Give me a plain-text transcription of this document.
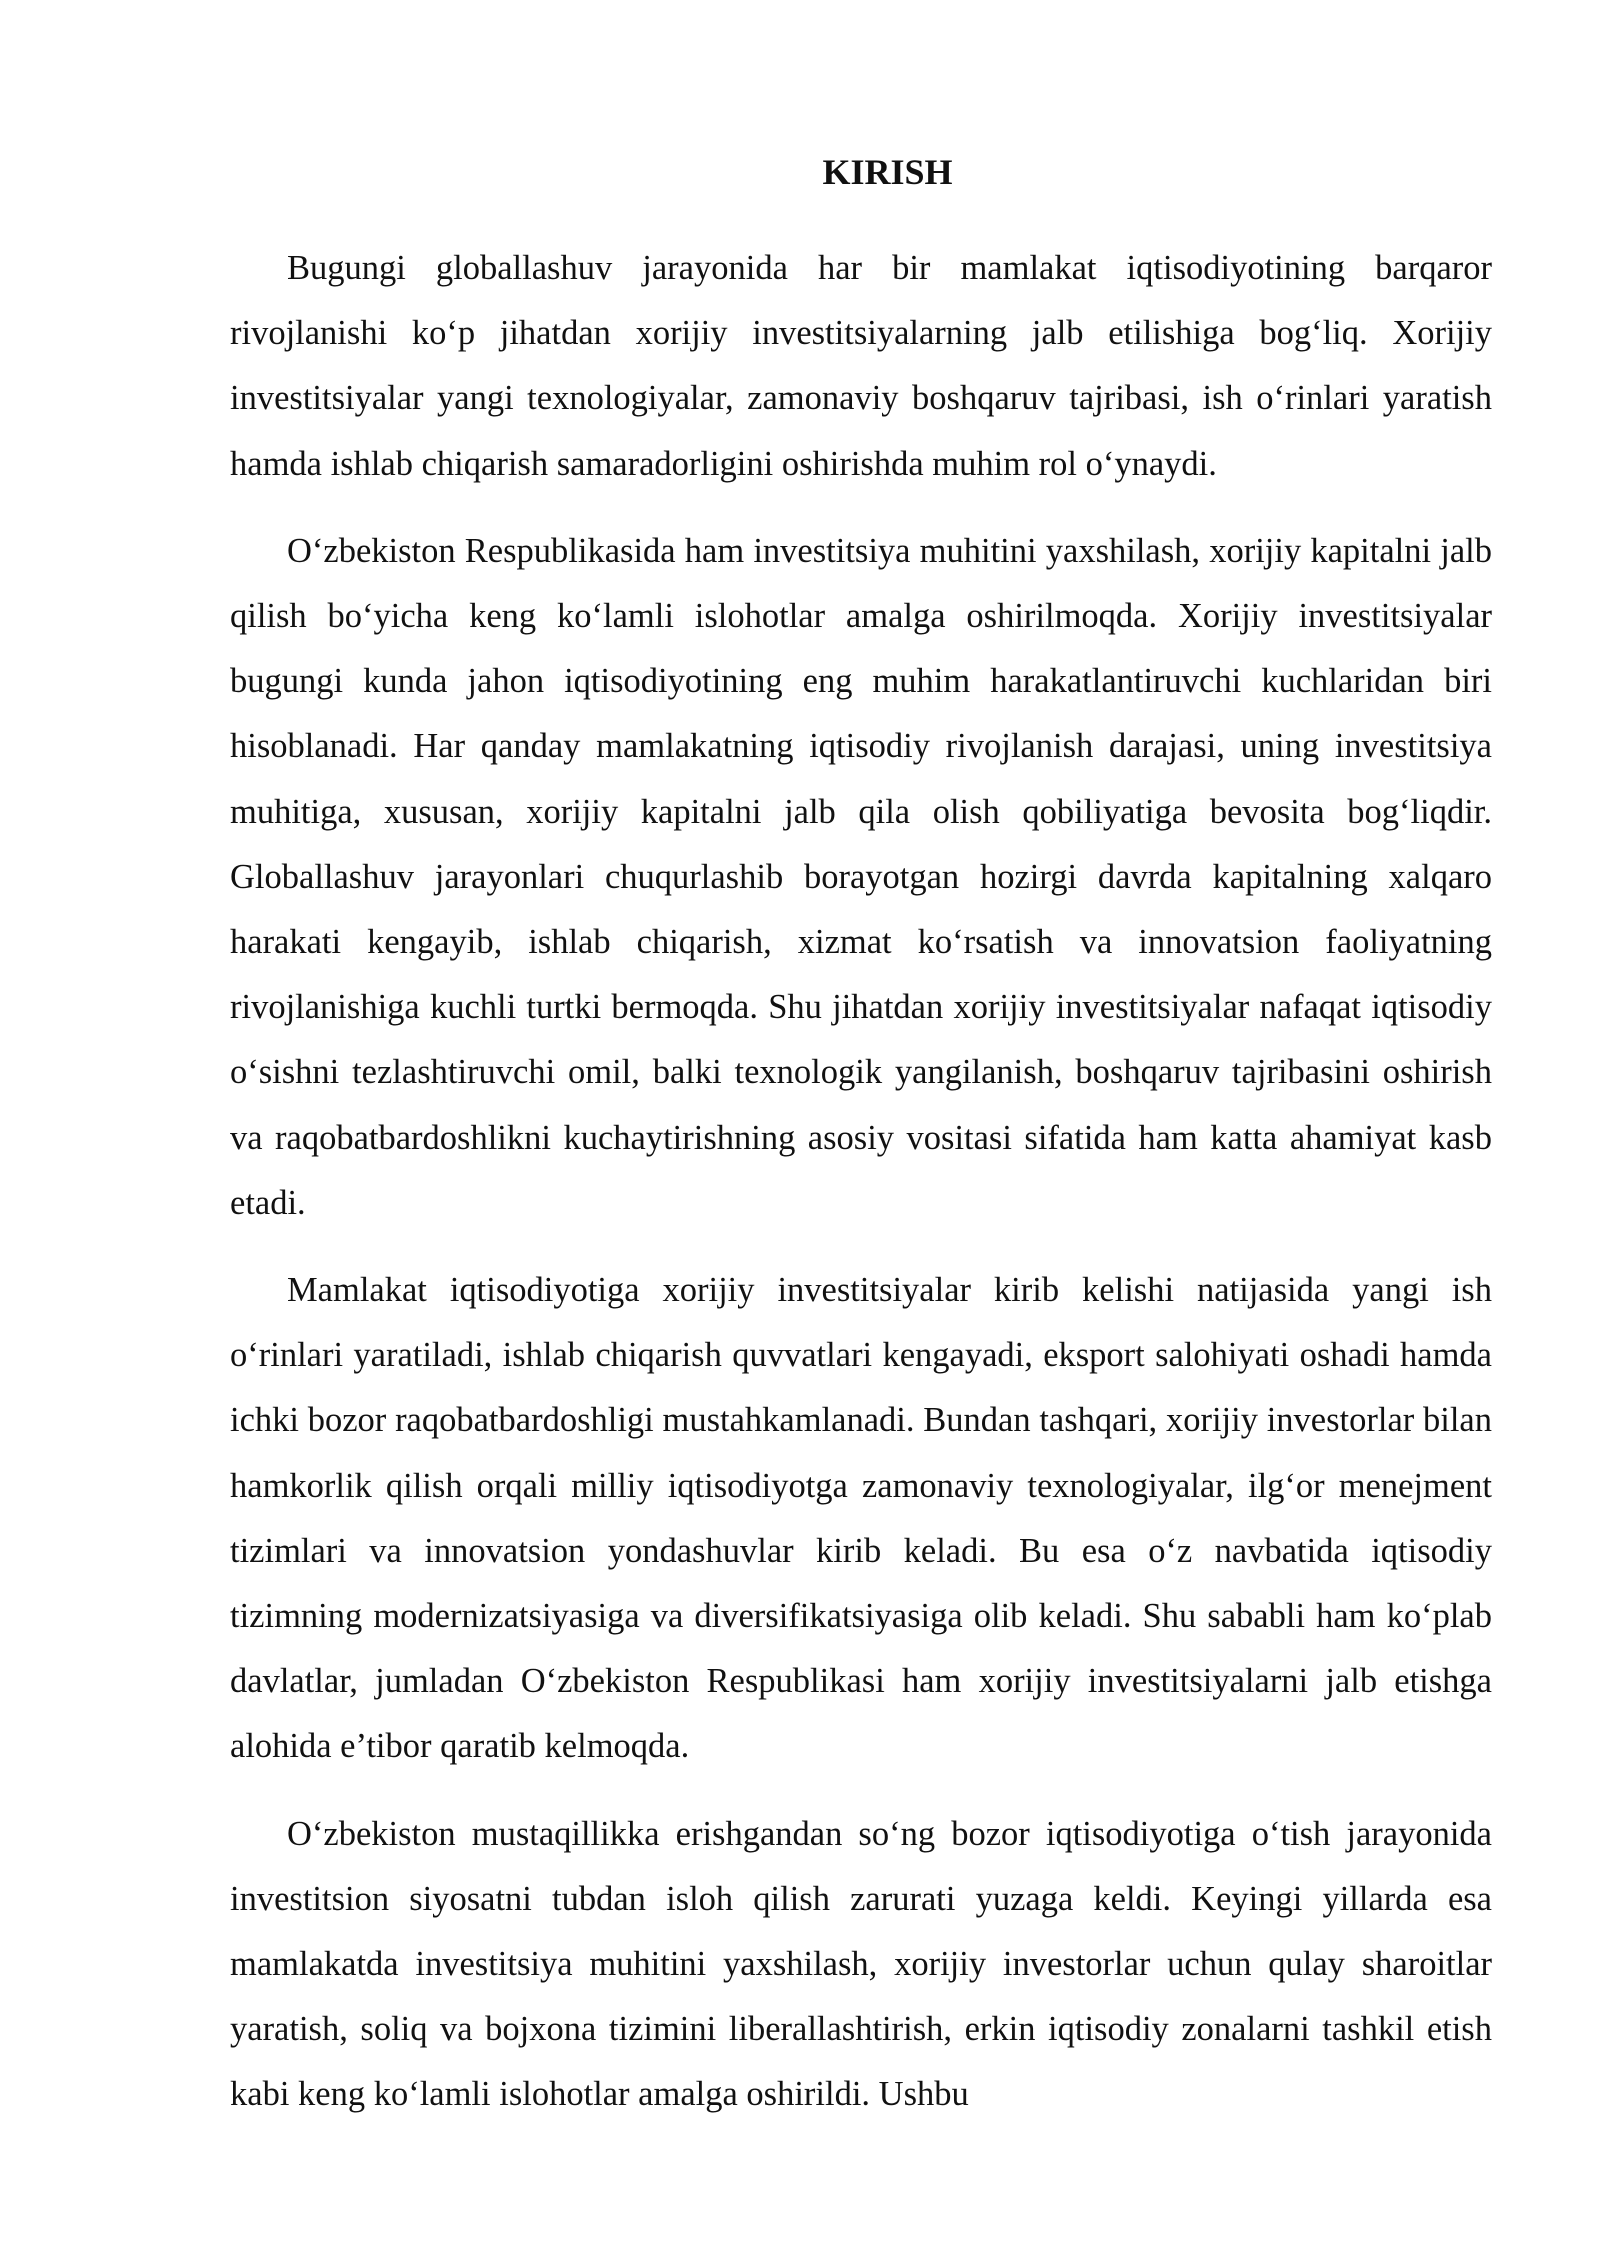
KIRISH

Bugungi globallashuv jarayonida har bir mamlakat iqtisodiyotining barqaror rivojlanishi ko‘p jihatdan xorijiy investitsiyalarning jalb etilishiga bog‘liq. Xorijiy investitsiyalar yangi texnologiyalar, zamonaviy boshqaruv tajribasi, ish o‘rinlari yaratish hamda ishlab chiqarish samaradorligini oshirishda muhim rol o‘ynaydi.

O‘zbekiston Respublikasida ham investitsiya muhitini yaxshilash, xorijiy kapitalni jalb qilish bo‘yicha keng ko‘lamli islohotlar amalga oshirilmoqda. Xorijiy investitsiyalar bugungi kunda jahon iqtisodiyotining eng muhim harakatlantiruvchi kuchlaridan biri hisoblanadi. Har qanday mamlakatning iqtisodiy rivojlanish darajasi, uning investitsiya muhitiga, xususan, xorijiy kapitalni jalb qila olish qobiliyatiga bevosita bog‘liqdir. Globallashuv jarayonlari chuqurlashib borayotgan hozirgi davrda kapitalning xalqaro harakati kengayib, ishlab chiqarish, xizmat ko‘rsatish va innovatsion faoliyatning rivojlanishiga kuchli turtki bermoqda. Shu jihatdan xorijiy investitsiyalar nafaqat iqtisodiy o‘sishni tezlashtiruvchi omil, balki texnologik yangilanish, boshqaruv tajribasini oshirish va raqobatbardoshlikni kuchaytirishning asosiy vositasi sifatida ham katta ahamiyat kasb etadi.

Mamlakat iqtisodiyotiga xorijiy investitsiyalar kirib kelishi natijasida yangi ish o‘rinlari yaratiladi, ishlab chiqarish quvvatlari kengayadi, eksport salohiyati oshadi hamda ichki bozor raqobatbardoshligi mustahkamlanadi. Bundan tashqari, xorijiy investorlar bilan hamkorlik qilish orqali milliy iqtisodiyotga zamonaviy texnologiyalar, ilg‘or menejment tizimlari va innovatsion yondashuvlar kirib keladi. Bu esa o‘z navbatida iqtisodiy tizimning modernizatsiyasiga va diversifikatsiyasiga olib keladi. Shu sababli ham ko‘plab davlatlar, jumladan O‘zbekiston Respublikasi ham xorijiy investitsiyalarni jalb etishga alohida e’tibor qaratib kelmoqda.

O‘zbekiston mustaqillikka erishgandan so‘ng bozor iqtisodiyotiga o‘tish jarayonida investitsion siyosatni tubdan isloh qilish zarurati yuzaga keldi. Keyingi yillarda esa mamlakatda investitsiya muhitini yaxshilash, xorijiy investorlar uchun qulay sharoitlar yaratish, soliq va bojxona tizimini liberallashtirish, erkin iqtisodiy zonalarni tashkil etish kabi keng ko‘lamli islohotlar amalga oshirildi. Ushbu
